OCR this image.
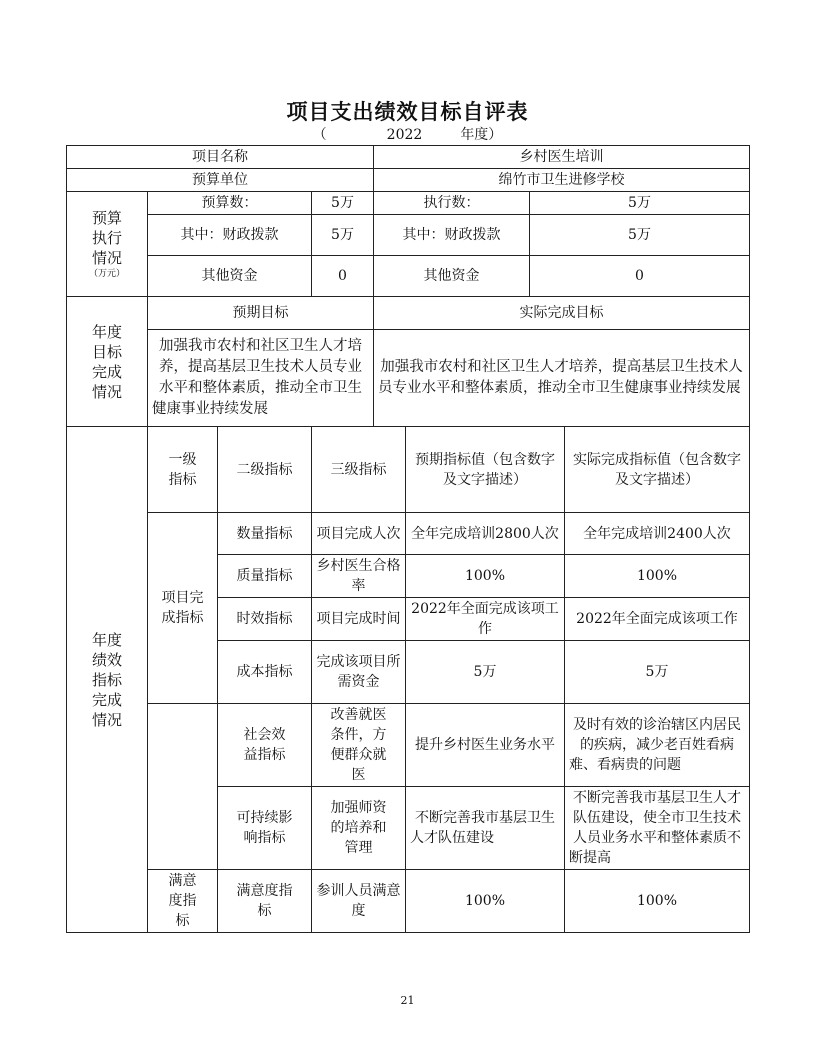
项目支出绩效目标自评表
（	2022	年度）
项目名称				乡村医生培训			
预算单位				绵竹市卫生进修学校			

预算执行情况
（万元）	预算数：		5万	执行数：		5万	
	其中：财政拨款		5万	其中：财政拨款		5万	
	其他资金		0	其他资金		0	

年度目标完成情况	预期目标			实际完成目标			
	加强我市农村和社区卫生人才培养，提高基层卫生技术人员专业水平和整体素质，推动全市卫生健康事业持续发展			加强我市农村和社区卫生人才培养，提高基层卫生技术人员专业水平和整体素质，推动全市卫生健康事业持续发展			

年度绩效指标完成情况	一级指标	二级指标	三级指标		预期指标值（包含数字及文字描述）		实际完成指标值（包含数字及文字描述）

	项目完成指标	数量指标	项目完成人次		全年完成培训2800人次		全年完成培训2400人次
		质量指标	乡村医生合格率		100%		100%
		时效指标	项目完成时间		2022年全面完成该项工作		2022年全面完成该项工作
		成本指标	完成该项目所需资金		5万		5万

		社会效益指标	改善就医条件，方便群众就医		提升乡村医生业务水平		及时有效的诊治辖区内居民的疾病，减少老百姓看病难、看病贵的问题

		可持续影响指标	加强师资的培养和管理		不断完善我市基层卫生人才队伍建设		不断完善我市基层卫生人才队伍建设，使全市卫生技术人员业务水平和整体素质不断提高

	满意度指标	满意度指标	参训人员满意度		100%		100%
21
